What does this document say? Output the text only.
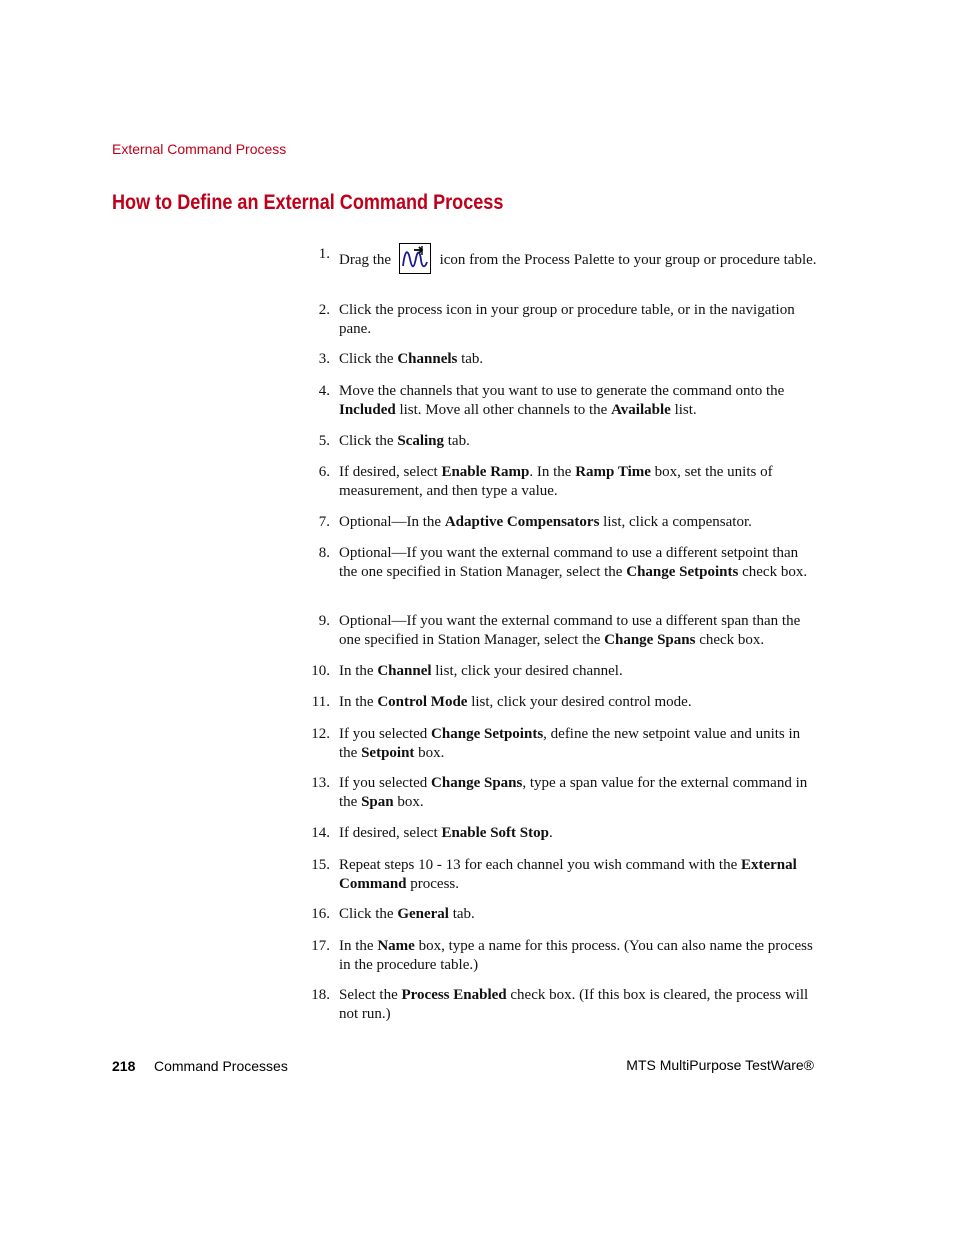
External Command Process
How to Define an External Command Process
1. Drag the	icon from the Process Palette to your group or procedure table.
2. Click the process icon in your group or procedure table, or in the navigation pane.
3. Click the Channels tab.
4. Move the channels that you want to use to generate the command onto the Included list. Move all other channels to the Available list.
5. Click the Scaling tab.
6. If desired, select Enable Ramp. In the Ramp Time box, set the units of measurement, and then type a value.
7. Optional—In the Adaptive Compensators list, click a compensator.
8. Optional—If you want the external command to use a different setpoint than the one specified in Station Manager, select the Change Setpoints check box.
9. Optional—If you want the external command to use a different span than the one specified in Station Manager, select the Change Spans check box.
10. In the Channel list, click your desired channel.
11. In the Control Mode list, click your desired control mode.
12. If you selected Change Setpoints, define the new setpoint value and units in the Setpoint box.
13. If you selected Change Spans, type a span value for the external command in the Span box.
14. If desired, select Enable Soft Stop.
15. Repeat steps 10 - 13 for each channel you wish command with the External Command process.
16. Click the General tab.
17. In the Name box, type a name for this process. (You can also name the process in the procedure table.)
18. Select the Process Enabled check box. (If this box is cleared, the process will not run.)
218 Command Processes	MTS MultiPurpose TestWare®
